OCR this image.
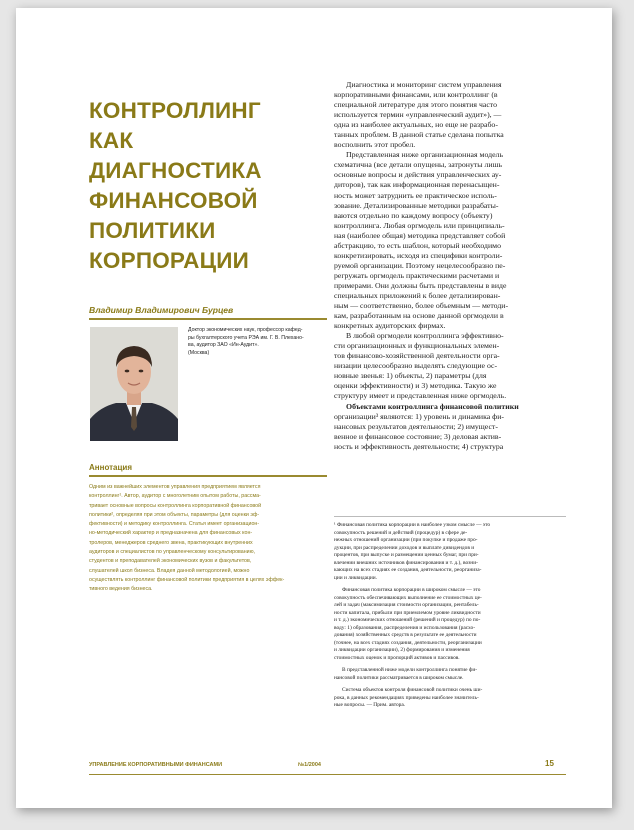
КОНТРОЛЛИНГ
КАК
ДИАГНОСТИКА
ФИНАНСОВОЙ
ПОЛИТИКИ
КОРПОРАЦИИ
Владимир Владимирович Бурцев
Доктор экономических наук, профессор кафед-
ры бухгалтерского учета РЭА им. Г. В. Плехано-
ва, аудитор ЗАО «Ин-Аудит».
(Москва)
Аннотация
Одним из важнейших элементов управления предприятием является
контроллинг¹. Автор, аудитор с многолетним опытом работы, рассма-
тривает основные вопросы контроллинга корпоративной финансовой
политики², определяя при этом объекты, параметры (для оценки эф-
фективности) и методику контроллинга. Статья имеет организацион-
но-методический характер и предназначена для финансовых кон-
тролеров, менеджеров среднего звена, практикующих внутренних
аудиторов и специалистов по управленческому консультированию,
студентов и преподавателей экономических вузов и факультетов,
слушателей школ бизнеса. Владея данной методологией, можно
осуществлять контроллинг финансовой политики предприятия в целях эффек-
тивного ведения бизнеса.
Диагностика и мониторинг систем управления
корпоративными финансами, или контроллинг (в
специальной литературе для этого понятия часто
используется термин «управленческий аудит»), —
одна из наиболее актуальных, но еще не разрабо-
танных проблем. В данной статье сделана попытка
восполнить этот пробел.
Представленная ниже организационная модель
схематична (все детали опущены, затронуты лишь
основные вопросы и действия управленческих ау-
диторов), так как информационная перенасыщен-
ность может затруднить ее практическое исполь-
зование. Детализированные методики разрабаты-
ваются отдельно по каждому вопросу (объекту)
контроллинга. Любая оргмодель или принципиаль-
ная (наиболее общая) методика представляет собой
абстракцию, то есть шаблон, который необходимо
конкретизировать, исходя из специфики контроли-
руемой организации. Поэтому нецелесообразно пе-
регружать оргмодель практическими расчетами и
примерами. Они должны быть представлены в виде
специальных приложений к более детализирован-
ным — соответственно, более объемным — методи-
кам, разработанным на основе данной оргмодели в
конкретных аудиторских фирмах.
В любой оргмодели контроллинга эффективно-
сти организационных и функциональных элемен-
тов финансово-хозяйственной деятельности орга-
низации целесообразно выделять следующие ос-
новные звенья: 1) объекты, 2) параметры (для
оценки эффективности) и 3) методика. Такую же
структуру имеет и представленная ниже оргмодель.
Объектами контроллинга финансовой политики
организации³ являются: 1) уровень и динамика фи-
нансовых результатов деятельности; 2) имущест-
венное и финансовое состояние; 3) деловая актив-
ность и эффективность деятельности; 4) структура
¹ Финансовая политика корпорации в наиболее узком смысле — это
совокупность решений и действий (процедур) в сфере де-
нежных отношений организации (при покупке и продаже про-
дукции, при распределении доходов и выплате дивидендов и
процентов, при выпуске и размещении ценных бумаг, при при-
влечении внешних источников финансирования и т. д.), возни-
кающих на всех стадиях ее создания, деятельности, реорганиза-
ции и ликвидации.
Финансовая политика корпорации в широком смысле — это
совокупность обеспечивающих выполнение ее стоимостных це-
лей и задач (максимизация стоимости организации, рентабель-
ности капитала, прибыли при приемлемом уровне ликвидности
и т. д.) экономических отношений (решений и процедур) по по-
воду: 1) образования, распределения и использования (расхо-
дования) хозяйственных средств в результате ее деятельности
(точнее, на всех стадиях создания, деятельности, реорганизации
и ликвидации организации), 2) формирования и изменения
стоимостных оценок и пропорций активов и пассивов.
В представленной ниже модели контроллинга понятие фи-
нансовой политики рассматривается в широком смысле.
Система объектов контроля финансовой политики очень ши-
рока, в данных рекомендациях приведены наиболее значитель-
ные вопросы. — Прим. автора.
УПРАВЛЕНИЕ КОРПОРАТИВНЫМИ ФИНАНСАМИ	№1/2004	15
